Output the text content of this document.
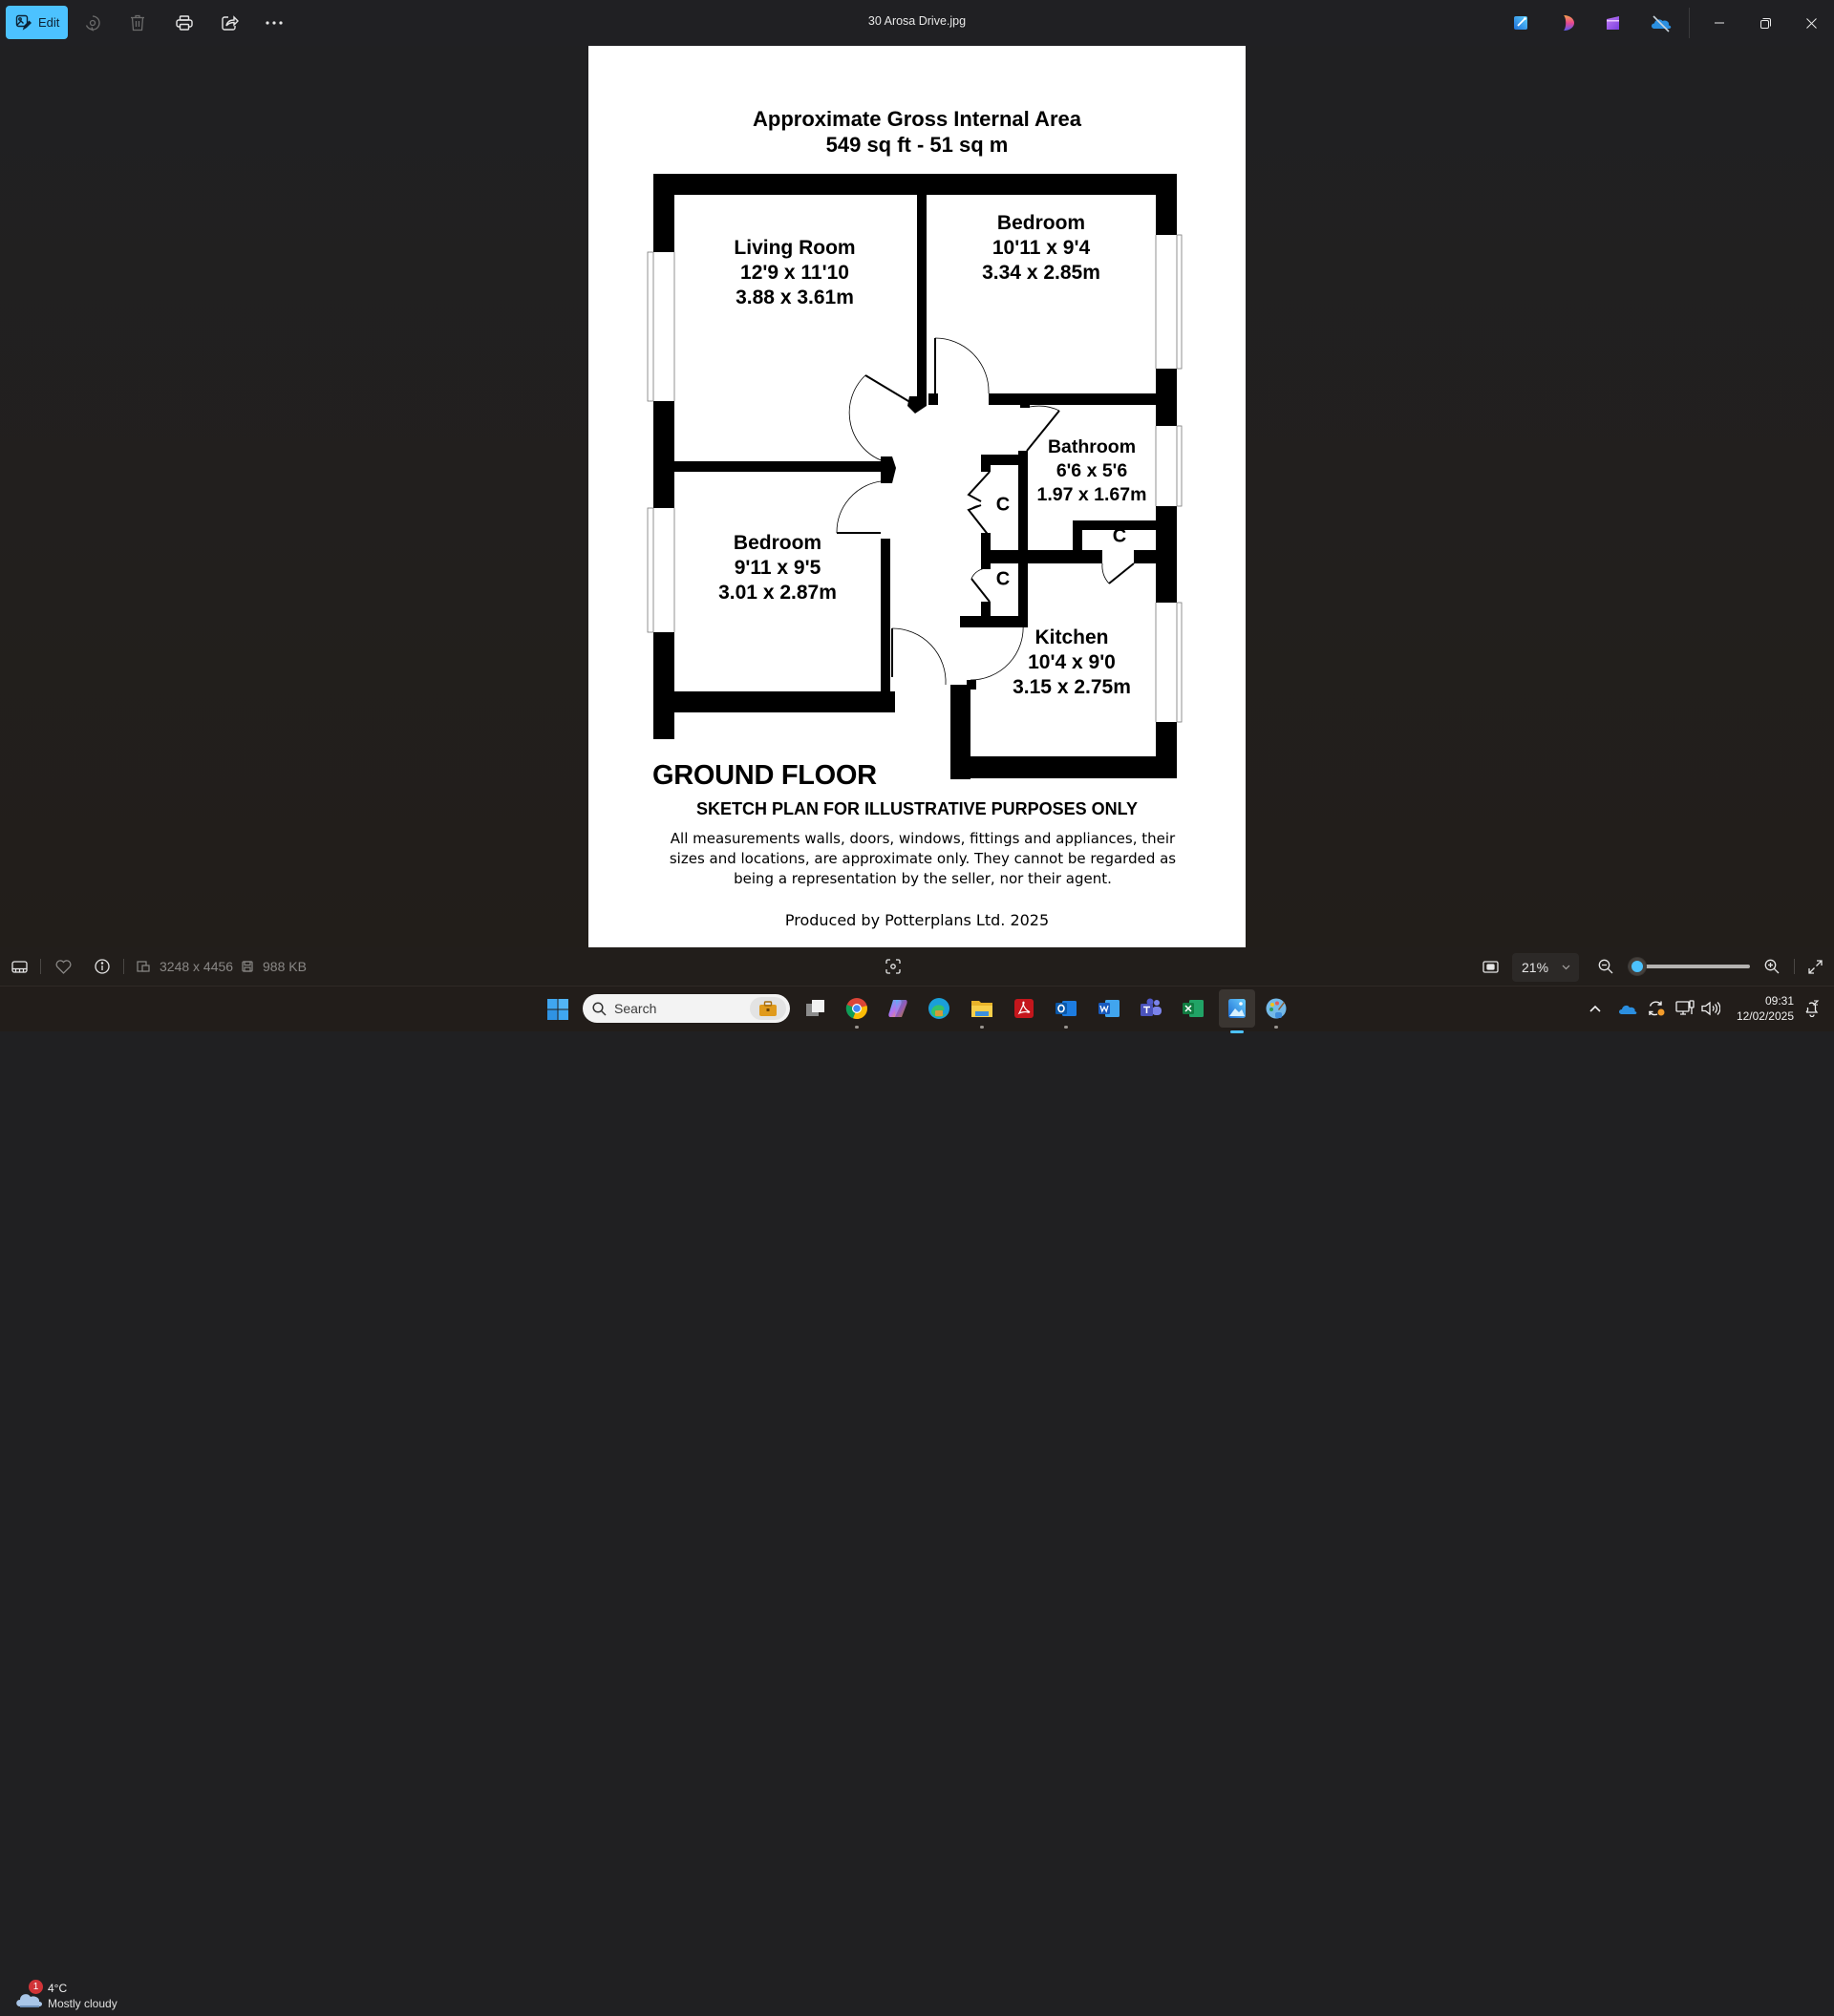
Edit	30 Arosa Drive.jpg
Approximate Gross Internal Area
549 sq ft - 51 sq m
Living Room
12'9 x 11'10
3.88 x 3.61m
Bedroom
10'11 x 9'4
3.34 x 2.85m
Bathroom
6'6 x 5'6
1.97 x 1.67m
Bedroom
9'11 x 9'5
3.01 x 2.87m
Kitchen
10'4 x 9'0
3.15 x 2.75m
C
C
C
GROUND FLOOR
SKETCH PLAN FOR ILLUSTRATIVE PURPOSES ONLY
All measurements walls, doors, windows, fittings and appliances, their sizes and locations, are approximate only. They cannot be regarded as being a representation by the seller, nor their agent.
Produced by Potterplans Ltd. 2025
3248 x 4456 988 KB	21%
1 4°C
Mostly cloudy
Search	09:31
12/02/2025
